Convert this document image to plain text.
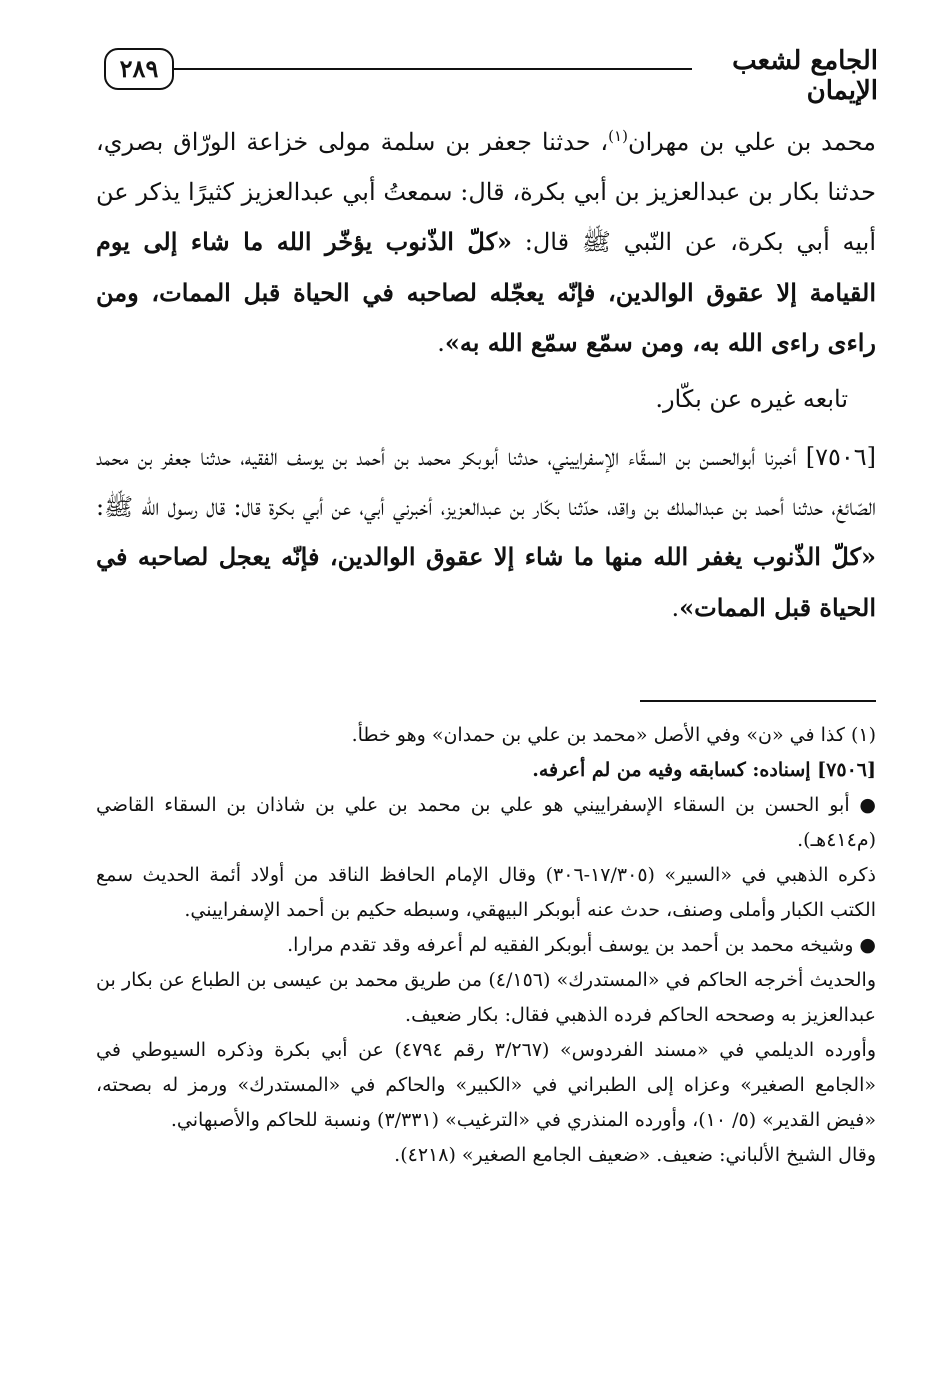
٢٨٩	الجامع لشعب الإيمان

محمد بن علي بن مهران$^{(١)}$، حدثنا جعفر بن سلمة مولى خزاعة الورّاق بصري، حدثنا بكار بن عبدالعزيز بن أبي بكرة، قال: سمعتُ أبي عبدالعزيز كثيرًا يذكر عن أبيه أبي بكرة، عن النّبي ﷺ قال: «كلّ الذّنوب يؤخّر الله ما شاء إلى يوم القيامة إلا عقوق الوالدين، فإنّه يعجّله لصاحبه في الحياة قبل الممات، ومن راءى راءى الله به، ومن سمّع سمّع الله به».

تابعه غيره عن بكّار.

[٧٥٠٦] أخبرنا أبوالحسن بن السقّاء الإسفراييني، حدثنا أبوبكر محمد بن أحمد بن يوسف الفقيه، حدثنا جعفر بن محمد الصّائغ، حدثنا أحمد بن عبدالملك بن واقد، حدّثنا بكّار بن عبدالعزيز، أخبرني أبي، عن أبي بكرة قال: قال رسول الله ﷺ: «كلّ الذّنوب يغفر الله منها ما شاء إلا عقوق الوالدين، فإنّه يعجل لصاحبه في الحياة قبل الممات».

(١) كذا في «ن» وفي الأصل «محمد بن علي بن حمدان» وهو خطأ.

[٧٥٠٦] إسناده: كسابقه وفيه من لم أعرفه.

● أبو الحسن بن السقاء الإسفراييني هو علي بن محمد بن علي بن شاذان بن السقاء القاضي (م٤١٤هـ).

ذكره الذهبي في «السير» (١٧/٣٠٥-٣٠٦) وقال الإمام الحافظ الناقد من أولاد أئمة الحديث سمع الكتب الكبار وأملى وصنف، حدث عنه أبوبكر البيهقي، وسبطه حكيم بن أحمد الإسفراييني.

● وشيخه محمد بن أحمد بن يوسف أبوبكر الفقيه لم أعرفه وقد تقدم مرارا.

والحديث أخرجه الحاكم في «المستدرك» (٤/١٥٦) من طريق محمد بن عيسى بن الطباع عن بكار بن عبدالعزيز به وصححه الحاكم فرده الذهبي فقال: بكار ضعيف.

وأورده الديلمي في «مسند الفردوس» (٣/٢٦٧ رقم ٤٧٩٤) عن أبي بكرة وذكره السيوطي في «الجامع الصغير» وعزاه إلى الطبراني في «الكبير» والحاكم في «المستدرك» ورمز له بصحته، «فيض القدير» (٥/ ١٠)، وأورده المنذري في «الترغيب» (٣/٣٣١) ونسبة للحاكم والأصبهاني.

وقال الشيخ الألباني: ضعيف. «ضعيف الجامع الصغير» (٤٢١٨).
